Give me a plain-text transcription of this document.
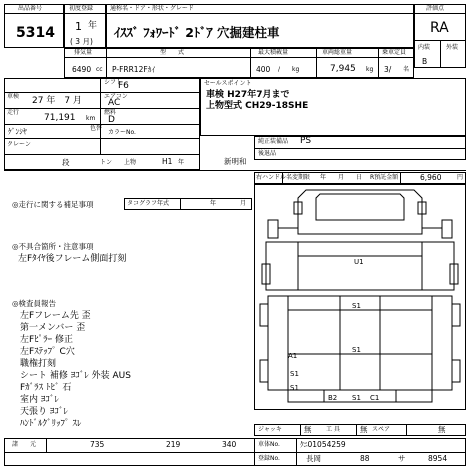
出品番号
5314
初度登録
1 年
( 3 月)
通称名・ドア・形状・グレード
ｲｽｽﾞ ﾌｫﾜｰﾄﾞ 2ﾄﾞｱ 穴掘建柱車
評価点
RA
内装	外装
B
排気量	型　　式	最大積載量	車両総重量	乗車定員
6490 cc P-FRR12Fｶｲ	400 /　　kg	7,945 kg 3/ 名
シフト
F6
車検 27 年　7 月	エアコン
AC
走行
71,191 km
燃料
D
色替
ｹﾞﾝｼﾔ	カラーNo.
クレーン
段	トン 上物	H1 年	新明和
セールスポイント
車検 H27年7月まで
上物型式 CH29-18SHE
純正装備品 PS
後退品
右ハンドル 名変期限 年 月 日 R預託金額	6,960	円
◎走行に関する補足事項	タコグラフ年式	年	月
◎不具合箇所・注意事項
左Fﾀｲﾔ後フレーム側面打刻
◎検査員報告
左Fフレーム先 歪
第一メンバー 歪
左Fﾋﾟﾗｰ 修正
左Fｽﾃｯﾌﾟ C穴
職権打刻
シート 補修 ﾖｺﾞﾚ 外装 AUS
Fｶﾞﾗｽ ﾄﾋﾞ 石
室内 ﾖｺﾞﾚ
天張り ﾖｺﾞﾚ
ﾊﾝﾄﾞﾙｸﾞﾘｯﾌﾟ ｽﾚ
U1
S1
S1
A1
S1
S1
B2 S1 C1
ジャッキ	無 工 具	無 スペア	無
諸　　元	735	219	340	車体No.	ｸﾆ01054259
登録No.	長岡	88	サ	8954
